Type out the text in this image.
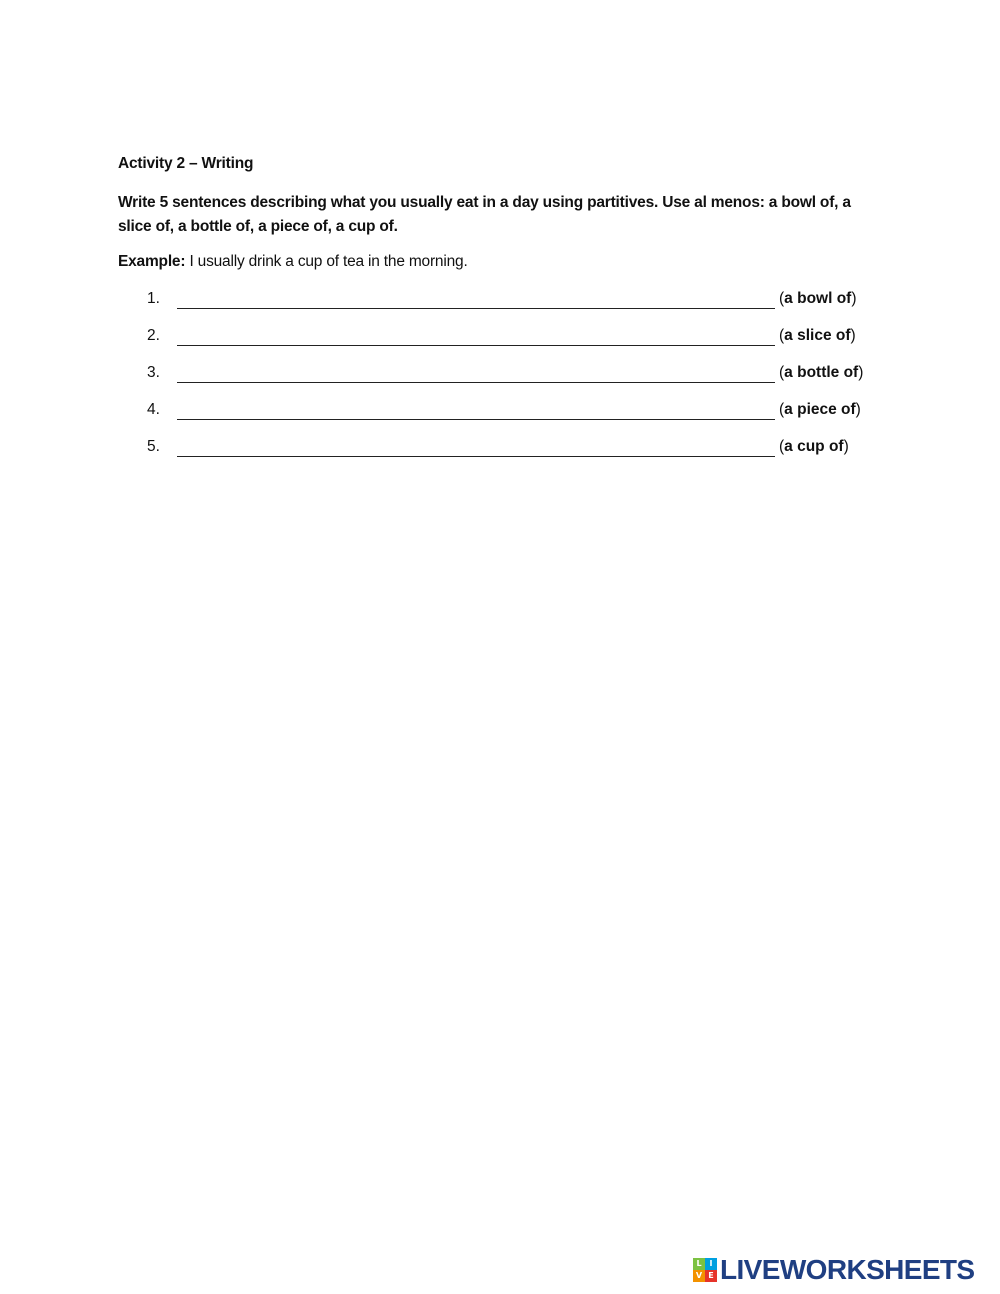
Activity 2 – Writing
Write 5 sentences describing what you usually eat in a day using partitives. Use al menos: a bowl of, a slice of, a bottle of, a piece of, a cup of.
Example: I usually drink a cup of tea in the morning.
1.	(a bowl of)
2.	(a slice of)
3.	(a bottle of)
4.	(a piece of)
5.	(a cup of)
L I
V E LIVEWORKSHEETS
